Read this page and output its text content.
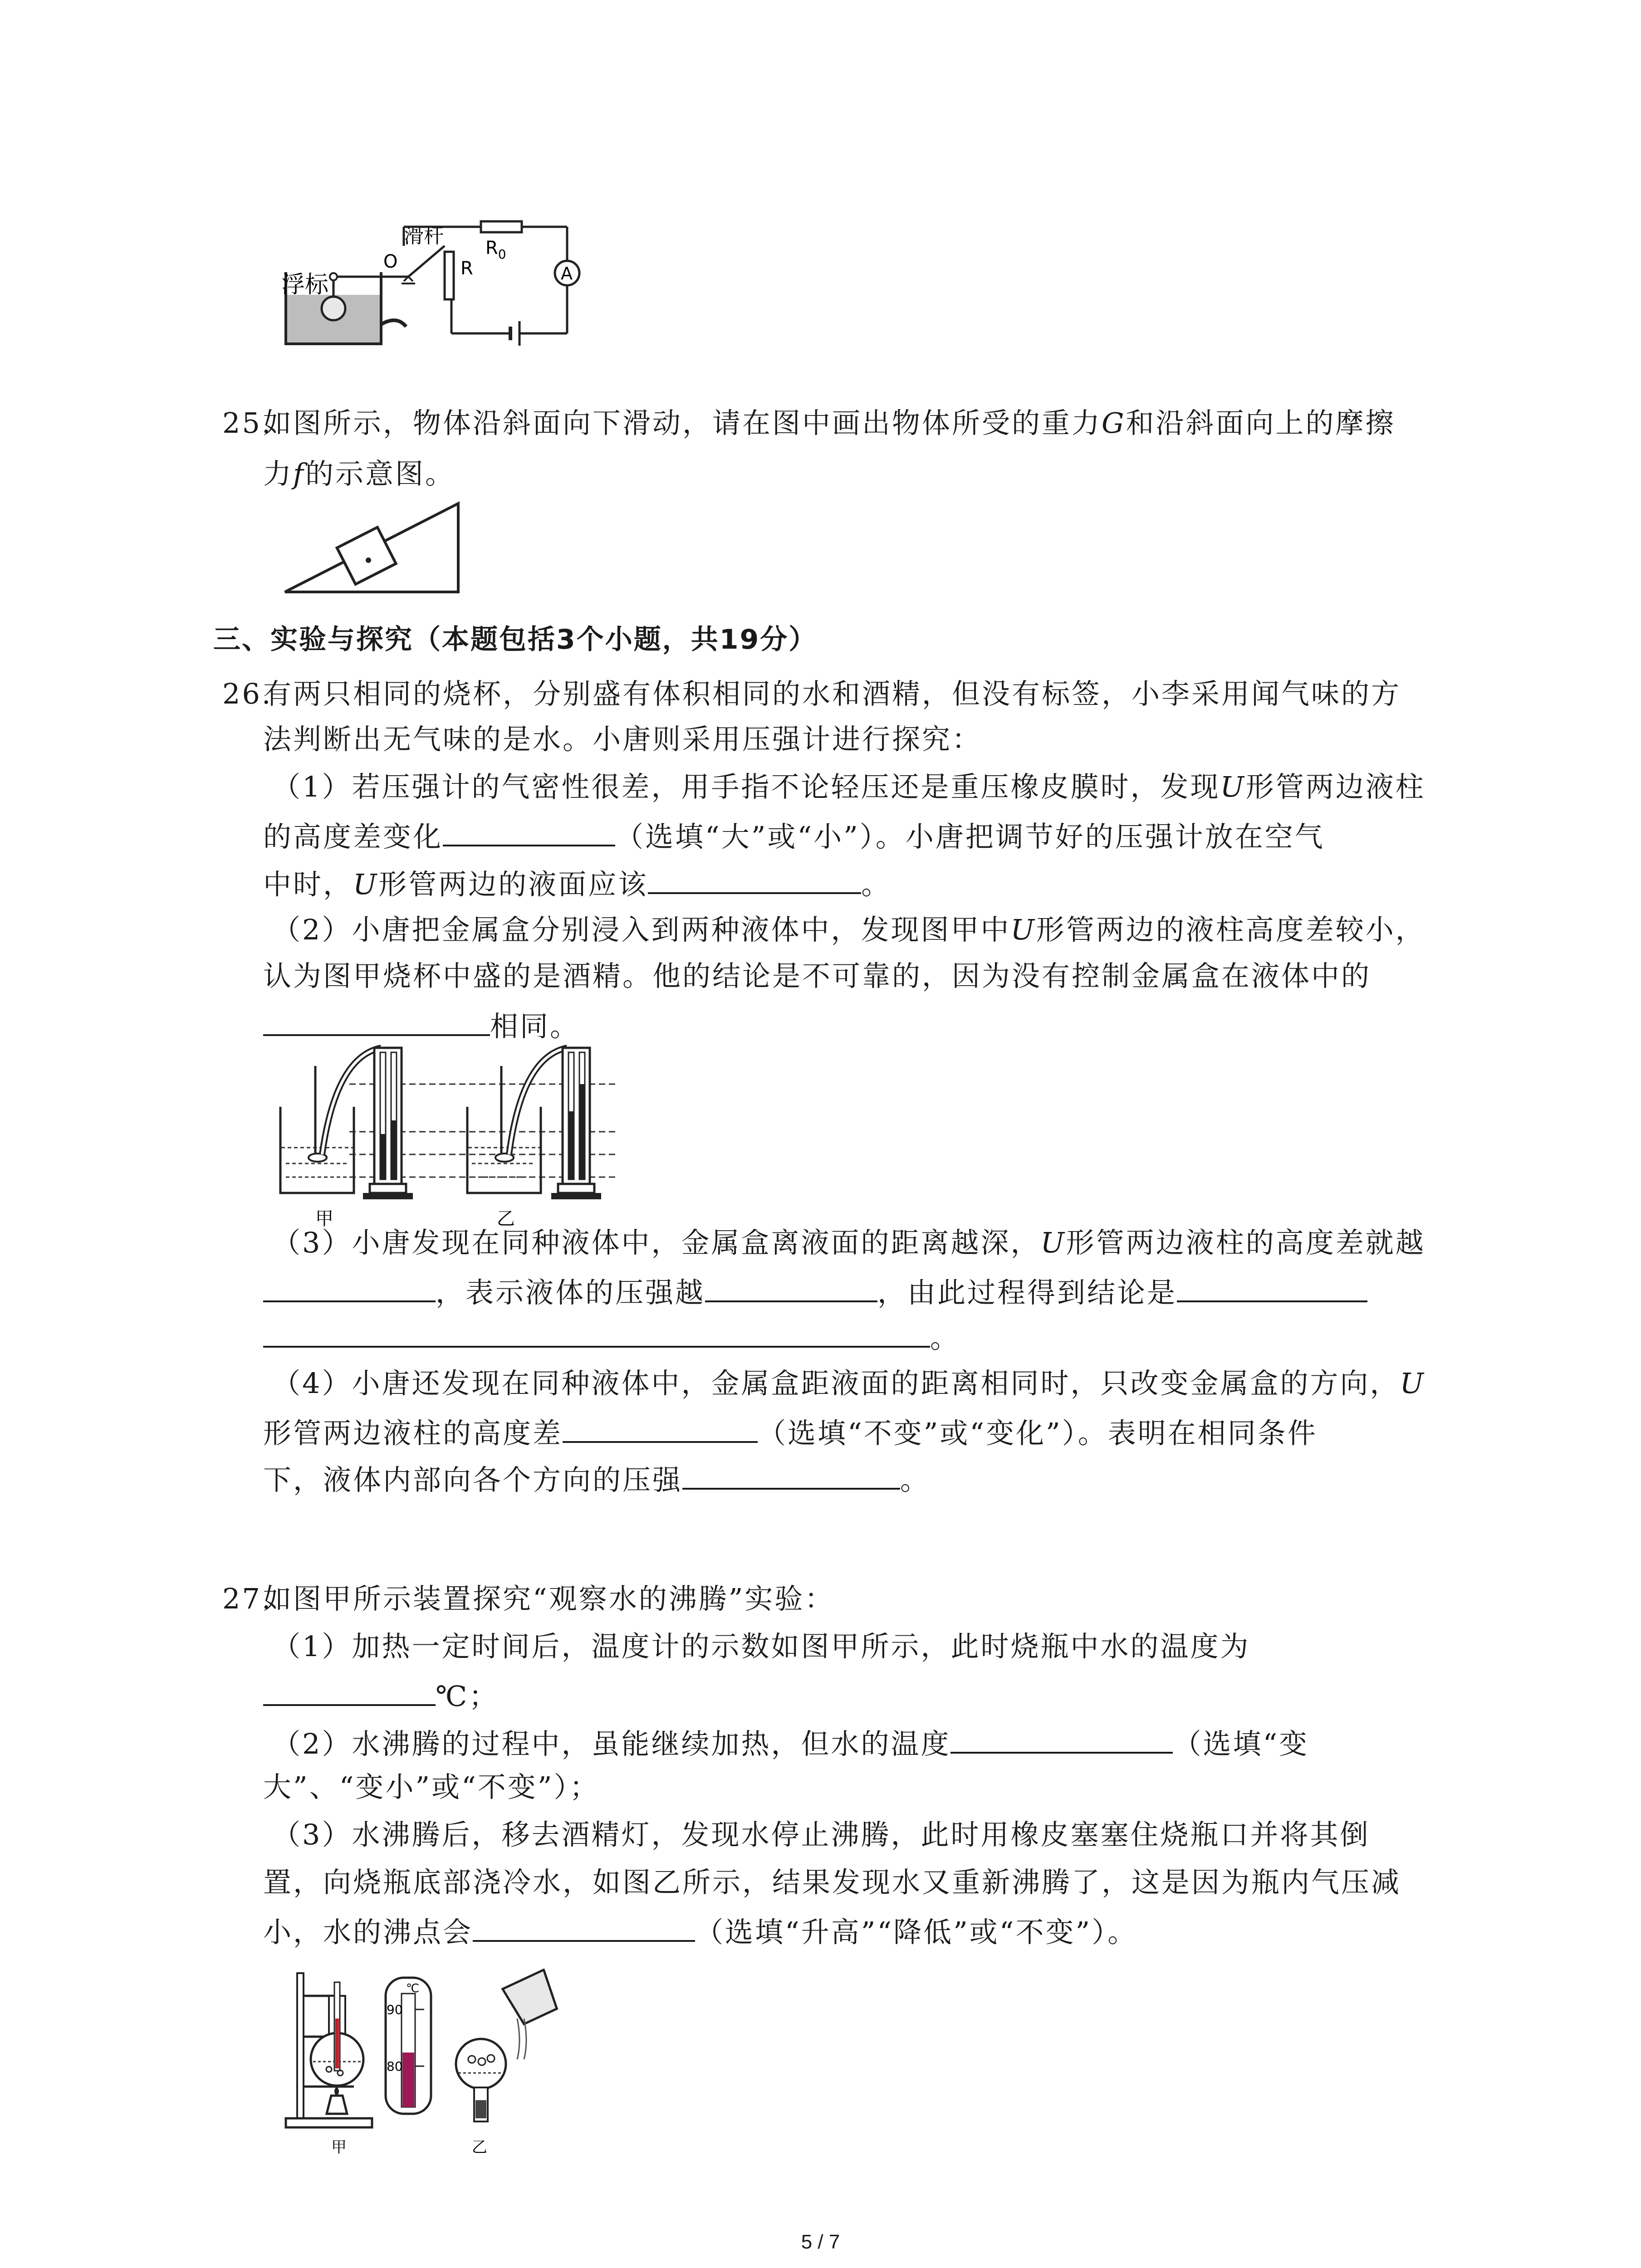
浮标
O
滑杆
$R_0$
A
R
25.如图所示，物体沿斜面向下滑动，请在图中画出物体所受的重力G和沿斜面向上的摩擦
力f的示意图。
三、实验与探究（本题包括3个小题，共19分）
26.有两只相同的烧杯，分别盛有体积相同的水和酒精，但没有标签，小李采用闻气味的方
法判断出无气味的是水。小唐则采用压强计进行探究：
（1）若压强计的气密性很差，用手指不论轻压还是重压橡皮膜时，发现U形管两边液柱
的高度差变化	（选填“大”或“小”）。小唐把调节好的压强计放在空气
中时，U形管两边的液面应该	。
（2）小唐把金属盒分别浸入到两种液体中，发现图甲中U形管两边的液柱高度差较小，
认为图甲烧杯中盛的是酒精。他的结论是不可靠的，因为没有控制金属盒在液体中的
相同。
甲	乙
（3）小唐发现在同种液体中，金属盒离液面的距离越深，U形管两边液柱的高度差就越
，表示液体的压强越	，由此过程得到结论是
。
（4）小唐还发现在同种液体中，金属盒距液面的距离相同时，只改变金属盒的方向，U
形管两边液柱的高度差	（选填“不变”或“变化”）。表明在相同条件
下，液体内部向各个方向的压强	。
27.如图甲所示装置探究“观察水的沸腾”实验：
（1）加热一定时间后，温度计的示数如图甲所示，此时烧瓶中水的温度为
℃；
（2）水沸腾的过程中，虽能继续加热，但水的温度	（选填“变
大”、“变小”或“不变”）；
（3）水沸腾后，移去酒精灯，发现水停止沸腾，此时用橡皮塞塞住烧瓶口并将其倒
置，向烧瓶底部浇冷水，如图乙所示，结果发现水又重新沸腾了，这是因为瓶内气压减
小，水的沸点会	（选填“升高”“降低”或“不变”）。
℃
90
80
甲	乙
5 / 7
